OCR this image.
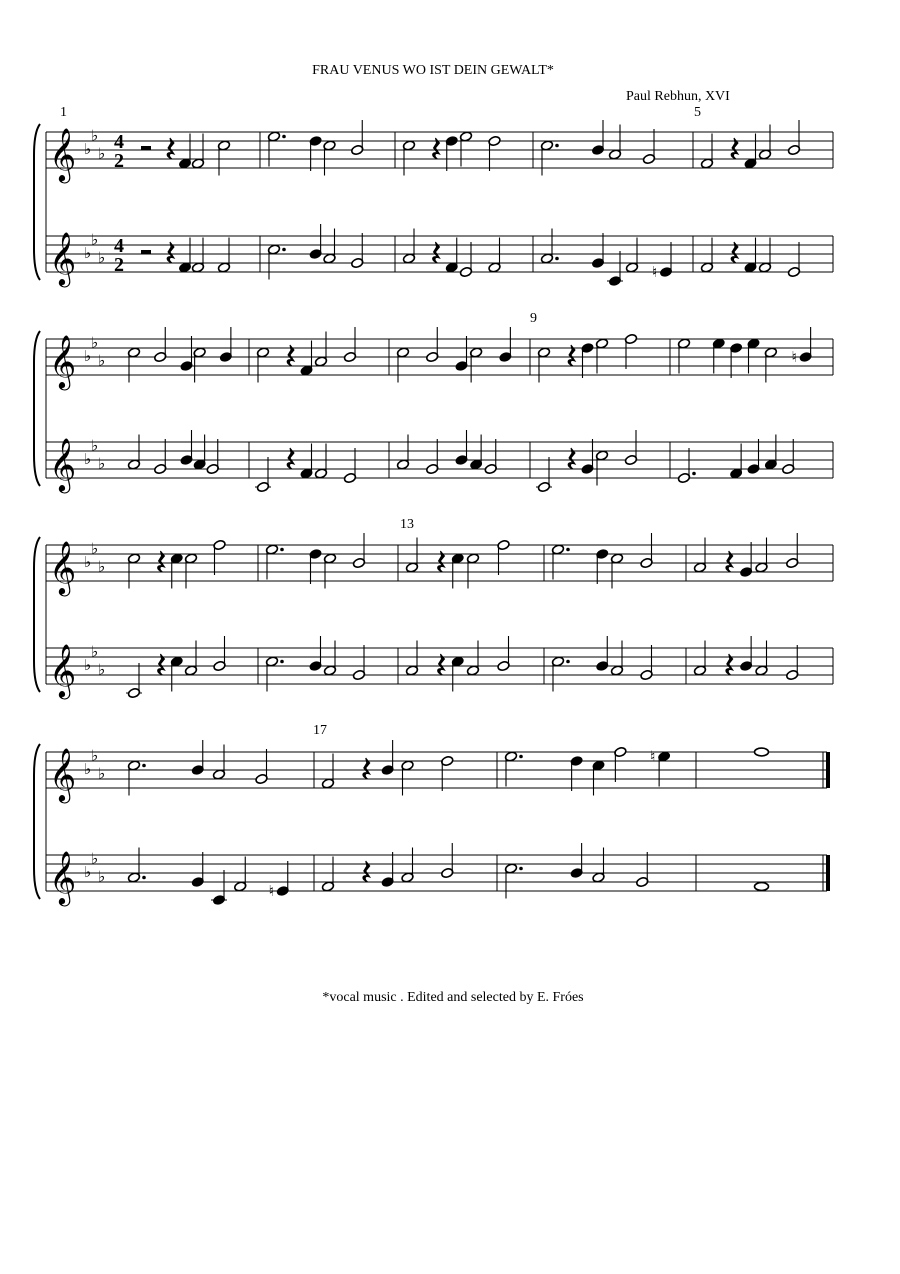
FRAU VENUS WO IST DEIN GEWALT*
Paul Rebhun, XVI
𝄞 ♭
♭
♭
4
2
𝄞 ♭
♭
♭
4
2	♮
𝄞 ♭
♭
♭
𝄞 ♭
♭
♭
♮
𝄞 ♭
♭
♭
𝄞 ♭
♭
♭
𝄞 ♭
♭
♭
𝄞 ♭
♭
♭
♮
♮
1	5
9
13
17
*vocal music . Edited and selected by E. Fróes
